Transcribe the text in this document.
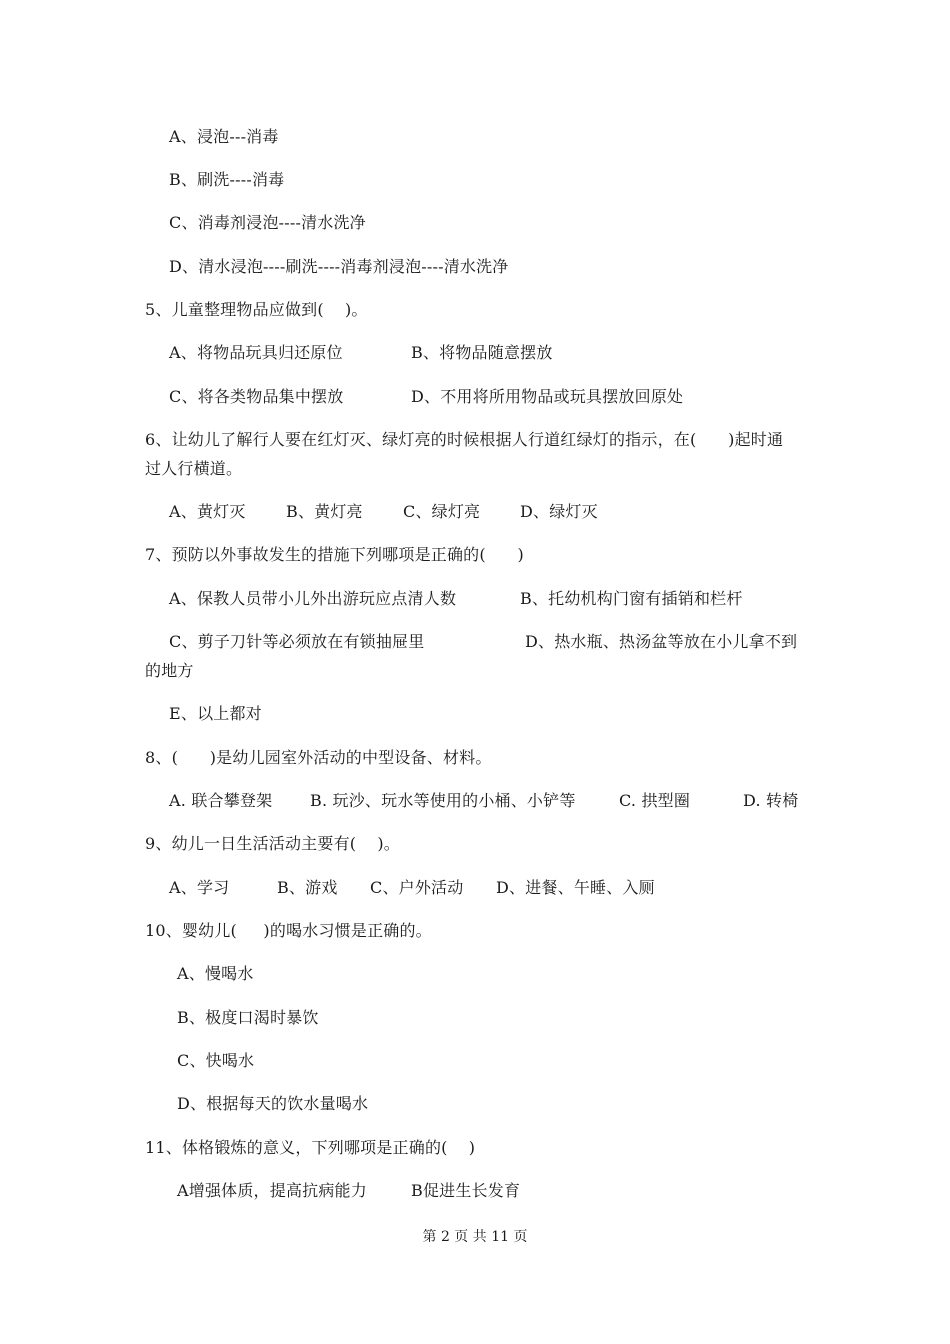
A、浸泡---消毒
B、刷洗----消毒
C、消毒剂浸泡----清水洗净
D、清水浸泡----刷洗----消毒剂浸泡----清水洗净
5、儿童整理物品应做到(    )。
A、将物品玩具归还原位	B、将物品随意摆放
C、将各类物品集中摆放	D、不用将所用物品或玩具摆放回原处
6、让幼儿了解行人要在红灯灭、绿灯亮的时候根据人行道红绿灯的指示，在(      )起时通
过人行横道。
A、黄灯灭	B、黄灯亮	C、绿灯亮 D、绿灯灭
7、预防以外事故发生的措施下列哪项是正确的(      )
A、保教人员带小儿外出游玩应点清人数	B、托幼机构门窗有插销和栏杆
C、剪子刀针等必须放在有锁抽屉里	D、热水瓶、热汤盆等放在小儿拿不到
的地方
E、以上都对
8、(      )是幼儿园室外活动的中型设备、材料。
A. 联合攀登架 B. 玩沙、玩水等使用的小桶、小铲等	C. 拱型圈	D. 转椅
9、幼儿一日生活活动主要有(    )。
A、学习	B、游戏 C、户外活动 D、进餐、午睡、入厕
10、婴幼儿(     )的喝水习惯是正确的。
A、慢喝水
B、极度口渴时暴饮
C、快喝水
D、根据每天的饮水量喝水
11、体格锻炼的意义，下列哪项是正确的(    )
A增强体质，提高抗病能力	B促进生长发育
第 2 页 共 11 页
